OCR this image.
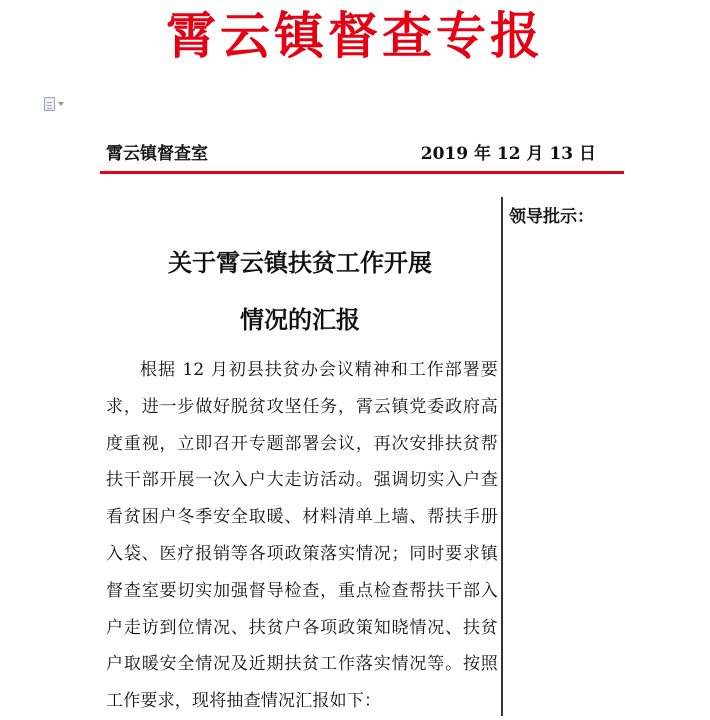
霄云镇督查专报
霄云镇督查室	2019 年 12 月 13 日
领导批示：
关于霄云镇扶贫工作开展
情况的汇报
根据 12 月初县扶贫办会议精神和工作部署要求，进一步做好脱贫攻坚任务，霄云镇党委政府高度重视，立即召开专题部署会议，再次安排扶贫帮扶干部开展一次入户大走访活动。强调切实入户查看贫困户冬季安全取暖、材料清单上墙、帮扶手册入袋、医疗报销等各项政策落实情况；同时要求镇督查室要切实加强督导检查，重点检查帮扶干部入户走访到位情况、扶贫户各项政策知晓情况、扶贫户取暖安全情况及近期扶贫工作落实情况等。按照工作要求，现将抽查情况汇报如下：
